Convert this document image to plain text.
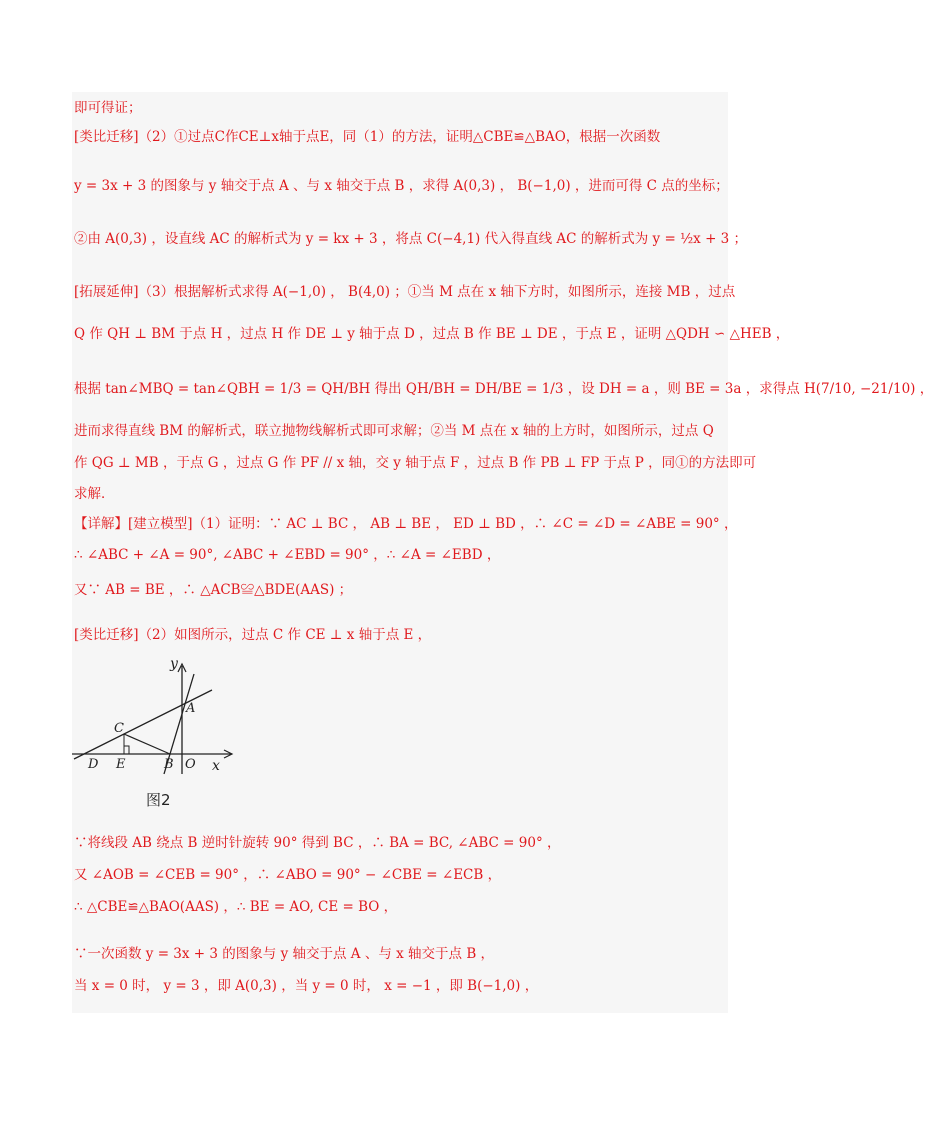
即可得证；
[类比迁移]（2）①过点C作CE⊥x轴于点E，同（1）的方法，证明△CBE≌△BAO，根据一次函数
y = 3x + 3 的图象与 y 轴交于点 A 、与 x 轴交于点 B ，求得 A(0,3) ， B(−1,0) ，进而可得 C 点的坐标；
②由 A(0,3) ，设直线 AC 的解析式为 y = kx + 3 ，将点 C(−4,1) 代入得直线 AC 的解析式为 y = ½x + 3 ；
[拓展延伸]（3）根据解析式求得 A(−1,0) ， B(4,0) ；①当 M 点在 x 轴下方时，如图所示，连接 MB ，过点
Q 作 QH ⊥ BM 于点 H ，过点 H 作 DE ⊥ y 轴于点 D ，过点 B 作 BE ⊥ DE ，于点 E ，证明 △QDH ∽ △HEB ，
根据 tan∠MBQ = tan∠QBH = 1/3 = QH/BH 得出 QH/BH = DH/BE = 1/3 ，设 DH = a ，则 BE = 3a ，求得点 H(7/10, −21/10) ，
进而求得直线 BM 的解析式，联立抛物线解析式即可求解；②当 M 点在 x 轴的上方时，如图所示，过点 Q
作 QG ⊥ MB ，于点 G ，过点 G 作 PF // x 轴，交 y 轴于点 F ，过点 B 作 PB ⊥ FP 于点 P ，同①的方法即可
求解．
【详解】[建立模型]（1）证明：∵ AC ⊥ BC ， AB ⊥ BE ， ED ⊥ BD ，∴ ∠C = ∠D = ∠ABE = 90° ，
∴ ∠ABC + ∠A = 90°, ∠ABC + ∠EBD = 90° ，∴ ∠A = ∠EBD ，
又∵ AB = BE ，∴ △ACB≌△BDE(AAS) ；
[类比迁移]（2）如图所示，过点 C 作 CE ⊥ x 轴于点 E ，
y
x
A
C
D E	B O
图2
∵将线段 AB 绕点 B 逆时针旋转 90° 得到 BC ，∴ BA = BC, ∠ABC = 90° ，
又 ∠AOB = ∠CEB = 90° ，∴ ∠ABO = 90° − ∠CBE = ∠ECB ，
∴ △CBE≌△BAO(AAS) ，∴ BE = AO, CE = BO ，
∵一次函数 y = 3x + 3 的图象与 y 轴交于点 A 、与 x 轴交于点 B ，
当 x = 0 时， y = 3 ，即 A(0,3) ，当 y = 0 时， x = −1 ，即 B(−1,0) ，
